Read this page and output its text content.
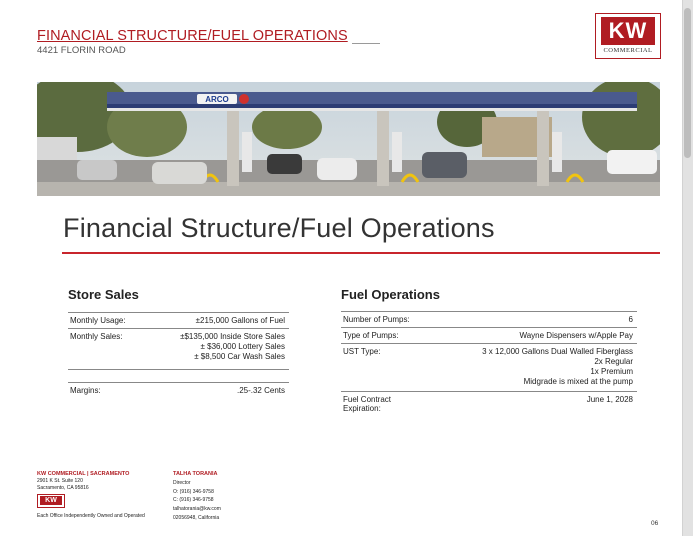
FINANCIAL STRUCTURE/FUEL OPERATIONS
4421 FLORIN ROAD
KW
COMMERCIAL
ARCO
Financial Structure/Fuel Operations
Store Sales
Monthly Usage:	±215,000 Gallons of Fuel
Monthly Sales:	±$135,000 Inside Store Sales
± $36,000 Lottery Sales
± $8,500 Car Wash Sales
Margins:	.25-.32 Cents
Fuel Operations
Number of Pumps:	6
Type of Pumps:	Wayne Dispensers w/Apple Pay
UST Type:	3 x 12,000 Gallons Dual Walled Fiberglass
2x Regular
1x Premium
Midgrade is mixed at the pump
Fuel Contract
Expiration:
June 1, 2028
KW COMMERCIAL | SACRAMENTO
2901 K St. Suite 120
Sacramento, CA 95816
KW
Each Office Independently Owned and Operated
TALHA TORANIA
Director
O: (916) 346-9758
C: (916) 346-9758
talhatorania@kw.com
02056948, California
06
